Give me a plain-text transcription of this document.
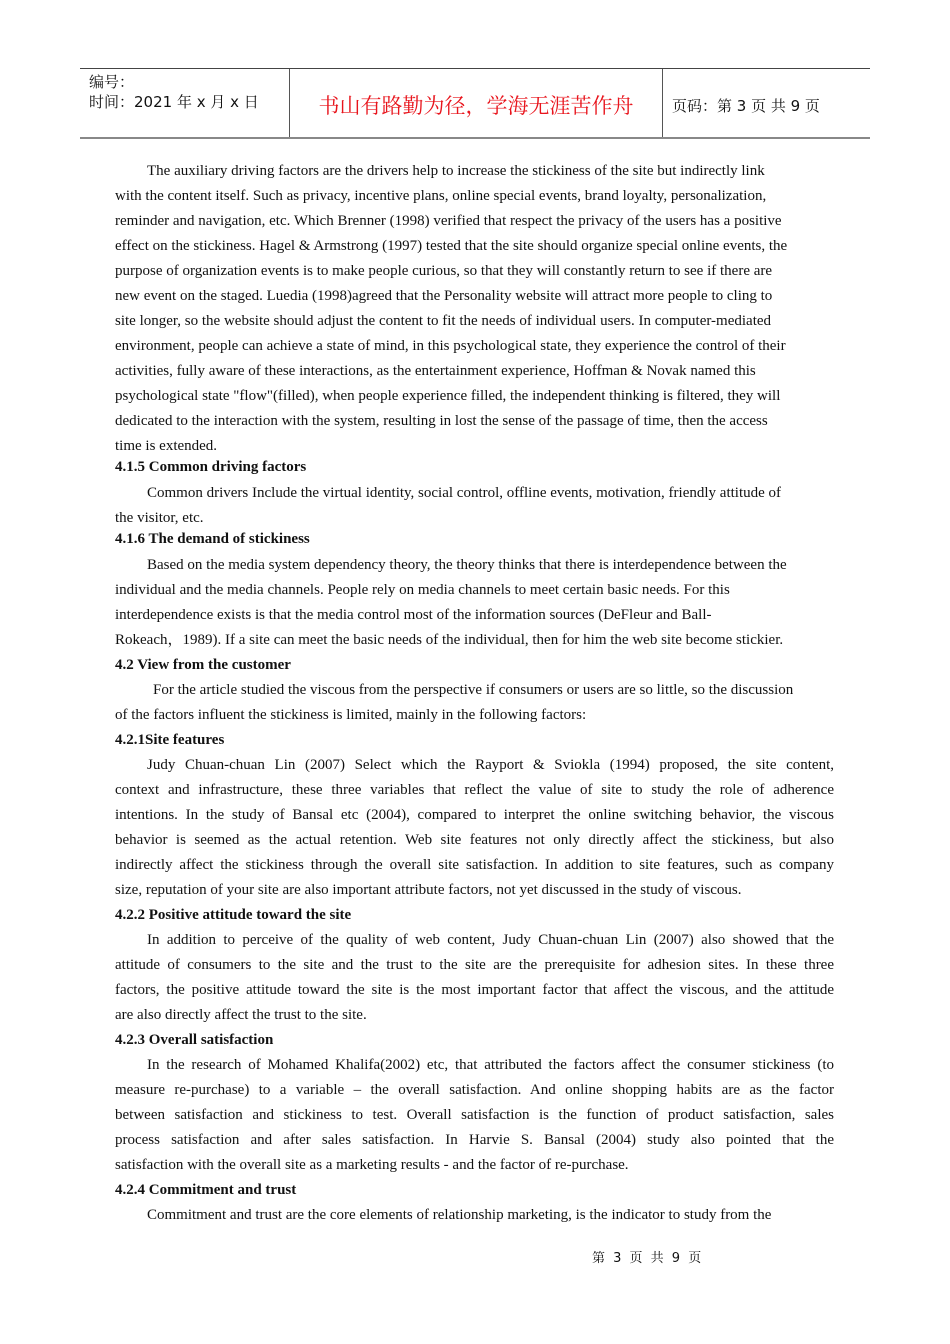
编号：
时间：2021 年 x 月 x 日	书山有路勤为径，学海无涯苦作舟	页码：第 3 页 共 9 页
The auxiliary driving factors are the drivers help to increase the stickiness of the site but indirectly link
with the content itself. Such as privacy, incentive plans, online special events, brand loyalty, personalization,
reminder and navigation, etc. Which Brenner (1998) verified that respect the privacy of the users has a positive
effect on the stickiness. Hagel & Armstrong (1997) tested that the site should organize special online events, the
purpose of organization events is to make people curious, so that they will constantly return to see if there are
new event on the staged. Luedia (1998)agreed that the Personality website will attract more people to cling to
site longer, so the website should adjust the content to fit the needs of individual users. In computer-mediated
environment, people can achieve a state of mind, in this psychological state, they experience the control of their
activities, fully aware of these interactions, as the entertainment experience, Hoffman & Novak named this
psychological state "flow"(filled), when people experience filled, the independent thinking is filtered, they will
dedicated to the interaction with the system, resulting in lost the sense of the passage of time, then the access
time is extended.
4.1.5 Common driving factors
Common drivers Include the virtual identity, social control, offline events, motivation, friendly attitude of
the visitor, etc.
4.1.6 The demand of stickiness
Based on the media system dependency theory, the theory thinks that there is interdependence between the
individual and the media channels. People rely on media channels to meet certain basic needs. For this
interdependence exists is that the media control most of the information sources (DeFleur and Ball-
Rokeach，1989). If a site can meet the basic needs of the individual, then for him the web site become stickier.
4.2 View from the customer
For the article studied the viscous from the perspective if consumers or users are so little, so the discussion
of the factors influent the stickiness is limited, mainly in the following factors:
4.2.1Site features
Judy Chuan-chuan Lin (2007) Select which the Rayport & Sviokla (1994) proposed, the site content,
context and infrastructure, these three variables that reflect the value of site to study the role of adherence
intentions. In the study of Bansal etc (2004), compared to interpret the online switching behavior, the viscous
behavior is seemed as the actual retention. Web site features not only directly affect the stickiness, but also
indirectly affect the stickiness through the overall site satisfaction. In addition to site features, such as company
size, reputation of your site are also important attribute factors, not yet discussed in the study of viscous.
4.2.2 Positive attitude toward the site
In addition to perceive of the quality of web content, Judy Chuan-chuan Lin (2007) also showed that the
attitude of consumers to the site and the trust to the site are the prerequisite for adhesion sites. In these three
factors, the positive attitude toward the site is the most important factor that affect the viscous, and the attitude
are also directly affect the trust to the site.
4.2.3 Overall satisfaction
In the research of Mohamed Khalifa(2002) etc, that attributed the factors affect the consumer stickiness (to
measure re-purchase) to a variable – the overall satisfaction. And online shopping habits are as the factor
between satisfaction and stickiness to test. Overall satisfaction is the function of product satisfaction, sales
process satisfaction and after sales satisfaction. In Harvie S. Bansal (2004) study also pointed that the
satisfaction with the overall site as a marketing results - and the factor of re-purchase.
4.2.4 Commitment and trust
Commitment and trust are the core elements of relationship marketing, is the indicator to study from the
第 3 页 共 9 页
